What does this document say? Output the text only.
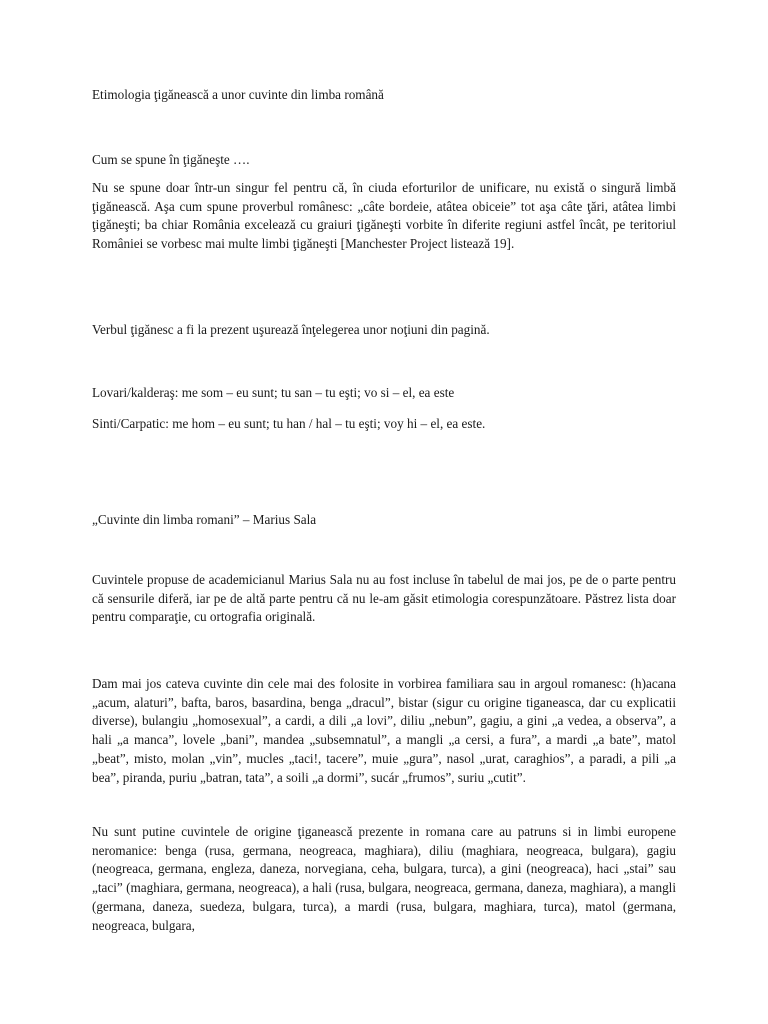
Etimologia ţigănească a unor cuvinte din limba română

Cum se spune în ţigăneşte ….

Nu se spune doar într-un singur fel pentru că, în ciuda eforturilor de unificare, nu există o singură limbă ţigănească. Aşa cum spune proverbul românesc: „câte bordeie, atâtea obiceie” tot aşa câte ţări, atâtea limbi ţigăneşti; ba chiar România excelează cu graiuri ţigăneşti vorbite în diferite regiuni astfel încât, pe teritoriul României se vorbesc mai multe limbi ţigăneşti [Manchester Project listează 19].

Verbul ţigănesc a fi la prezent uşurează înţelegerea unor noţiuni din pagină.

Lovari/kalderaş: me som – eu sunt; tu san – tu eşti; vo si – el, ea este

Sinti/Carpatic: me hom – eu sunt; tu han / hal – tu eşti; voy hi – el, ea este.

„Cuvinte din limba romani” – Marius Sala

Cuvintele propuse de academicianul Marius Sala nu au fost incluse în tabelul de mai jos, pe de o parte pentru că sensurile diferă, iar pe de altă parte pentru că nu le-am găsit etimologia corespunzătoare. Păstrez lista doar pentru comparaţie, cu ortografia originală.

Dam mai jos cateva cuvinte din cele mai des folosite in vorbirea familiara sau in argoul romanesc: (h)acana „acum, alaturi”, bafta, baros, basardina, benga „dracul”, bistar (sigur cu origine tiganeasca, dar cu explicatii diverse), bulangiu „homosexual”, a cardi, a dili „a lovi”, diliu „nebun”, gagiu, a gini „a vedea, a observa”, a hali „a manca”, lovele „bani”, mandea „subsemnatul”, a mangli „a cersi, a fura”, a mardi „a bate”, matol „beat”, misto, molan „vin”, mucles „taci!, tacere”, muie „gura”, nasol „urat, caraghios”, a paradi, a pili „a bea”, piranda, puriu „batran, tata”, a soili „a dormi”, sucár „frumos”, suriu „cutit”.

Nu sunt putine cuvintele de origine ţiganească prezente in romana care au patruns si in limbi europene neromanice: benga (rusa, germana, neogreaca, maghiara), diliu (maghiara, neogreaca, bulgara), gagiu (neogreaca, germana, engleza, daneza, norvegiana, ceha, bulgara, turca), a gini (neogreaca), haci „stai” sau „taci” (maghiara, germana, neogreaca), a hali (rusa, bulgara, neogreaca, germana, daneza, maghiara), a mangli (germana, daneza, suedeza, bulgara, turca), a mardi (rusa, bulgara, maghiara, turca), matol (germana, neogreaca, bulgara,
